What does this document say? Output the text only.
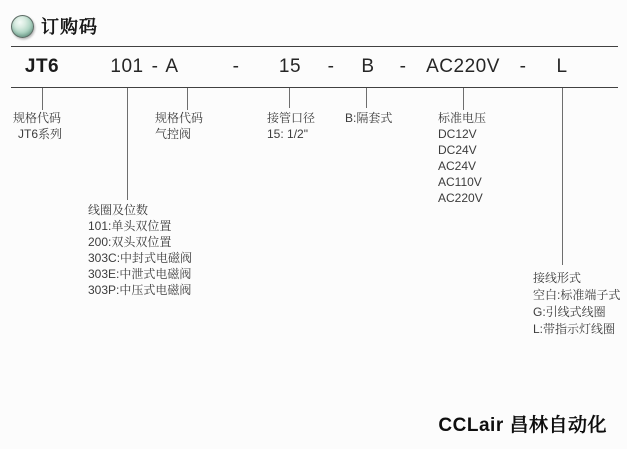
订购码
JT6	101 - A	- 15 - B - AC220V - L
规格代码
JT6系列
线圈及位数
101:单头双位置
200:双头双位置
303C:中封式电磁阀
303E:中泄式电磁阀
303P:中压式电磁阀
规格代码
气控阀
接管口径
15: 1/2"
B:隔套式	标准电压
DC12V
DC24V
AC24V
AC110V
AC220V
接线形式
空白:标准端子式
G:引线式线圈
L:带指示灯线圈
CCLair 昌林自动化
